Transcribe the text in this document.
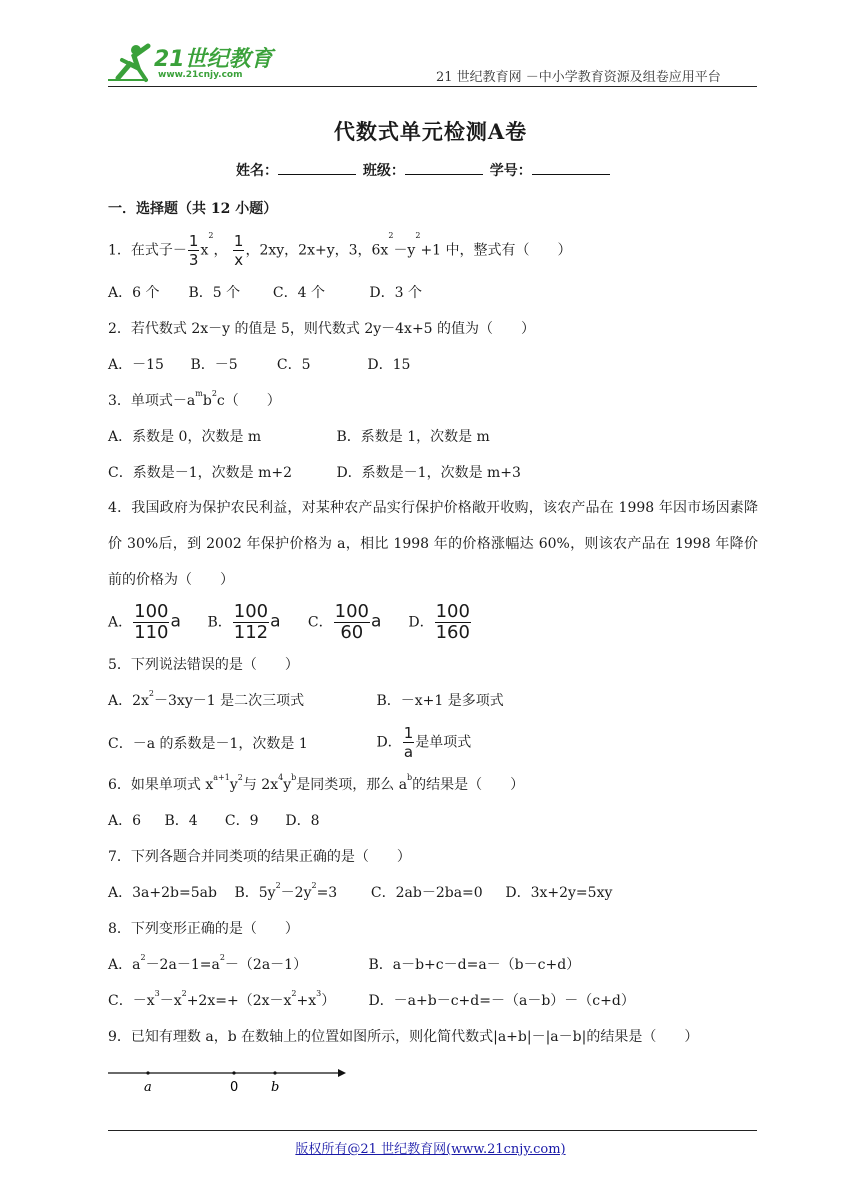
21世纪教育
www.21cnjy.com	21 世纪教育网 －中小学教育资源及组卷应用平台
代数式单元检测A卷
姓名：	班级：	学号：
一．选择题（共 12 小题）
1．在式子－ $\frac{1}{3} x^2$， $\frac{1}{x}$ ，2xy，2x+y，3，$6x^2-y^2+1$ 中，整式有（　　）
A．6 个 B．5 个 C．4 个	D．3 个
2．若代数式 2x－y 的值是 5，则代数式 2y－4x+5 的值为（　　）
A．－15 B．－5	C．5	D．15
3．单项式$-a^mb^2c$（　　）
A．系数是 0，次数是 m	B．系数是 1，次数是 m
C．系数是－1，次数是 m+2	D．系数是－1，次数是 m+3
4．我国政府为保护农民利益，对某种农产品实行保护价格敞开收购，该农产品在 1998 年因市场因素降价 30%后，到 2002 年保护价格为 a，相比 1998 年的价格涨幅达 60%，则该农产品在 1998 年降价前的价格为（　　）
A． $\frac{100}{110}$ a B． $\frac{100}{112}$ a C． $\frac{100}{60}$ a D． $\frac{100}{160}$
5．下列说法错误的是（　　）
A．$2x^2-3xy-1$ 是二次三项式	B．－x+1 是多项式
C．－a 的系数是－1，次数是 1	D． $\frac{1}{a}$ 是单项式
6．如果单项式 $x^{a+1}y^2$与 $2x^4y^b$是同类项，那么 $a^b$的结果是（　　）
A．6 B．4 C．9 D．8
7．下列各题合并同类项的结果正确的是（　　）
A．3a+2b=5ab B．$5y^2-2y^2=3$ C．2ab－2ba=0 D．3x+2y=5xy
8．下列变形正确的是（　　）
A．$a^2-2a-1=a^2-(2a-1)$	B．a－b+c－d=a－（b－c+d）
C．$-x^3-x^2+2x=+(2x-x^2+x^3)$ D．－a+b－c+d=－（a－b）－（c+d）
9．已知有理数 a，b 在数轴上的位置如图所示，则化简代数式|a+b|－|a－b|的结果是（　　）
a	0	b
版权所有@21 世纪教育网(www.21cnjy.com)
